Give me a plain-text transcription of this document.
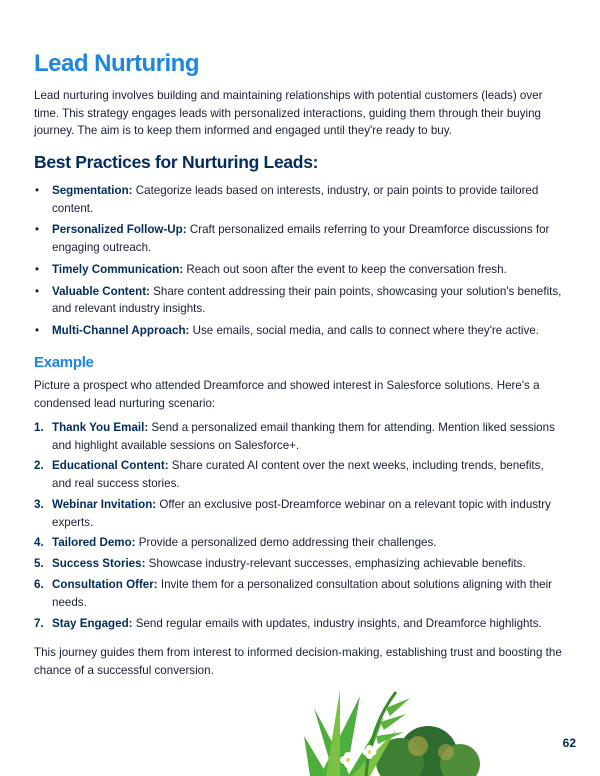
Lead Nurturing

Lead nurturing involves building and maintaining relationships with potential customers (leads) over time. This strategy engages leads with personalized interactions, guiding them through their buying journey. The aim is to keep them informed and engaged until they're ready to buy.

Best Practices for Nurturing Leads:
• Segmentation: Categorize leads based on interests, industry, or pain points to provide tailored content.
• Personalized Follow-Up: Craft personalized emails referring to your Dreamforce discussions for engaging outreach.
• Timely Communication: Reach out soon after the event to keep the conversation fresh.
• Valuable Content: Share content addressing their pain points, showcasing your solution's benefits, and relevant industry insights.
• Multi-Channel Approach: Use emails, social media, and calls to connect where they're active.
Example

Picture a prospect who attended Dreamforce and showed interest in Salesforce solutions. Here's a condensed lead nurturing scenario:

1. Thank You Email: Send a personalized email thanking them for attending. Mention liked sessions and highlight available sessions on Salesforce+.
2. Educational Content: Share curated AI content over the next weeks, including trends, benefits, and real success stories.
3. Webinar Invitation: Offer an exclusive post-Dreamforce webinar on a relevant topic with industry experts.
4. Tailored Demo: Provide a personalized demo addressing their challenges.
5. Success Stories: Showcase industry-relevant successes, emphasizing achievable benefits.
6. Consultation Offer: Invite them for a personalized consultation about solutions aligning with their needs.
7. Stay Engaged: Send regular emails with updates, industry insights, and Dreamforce highlights.

This journey guides them from interest to informed decision-making, establishing trust and boosting the chance of a successful conversion.

62
